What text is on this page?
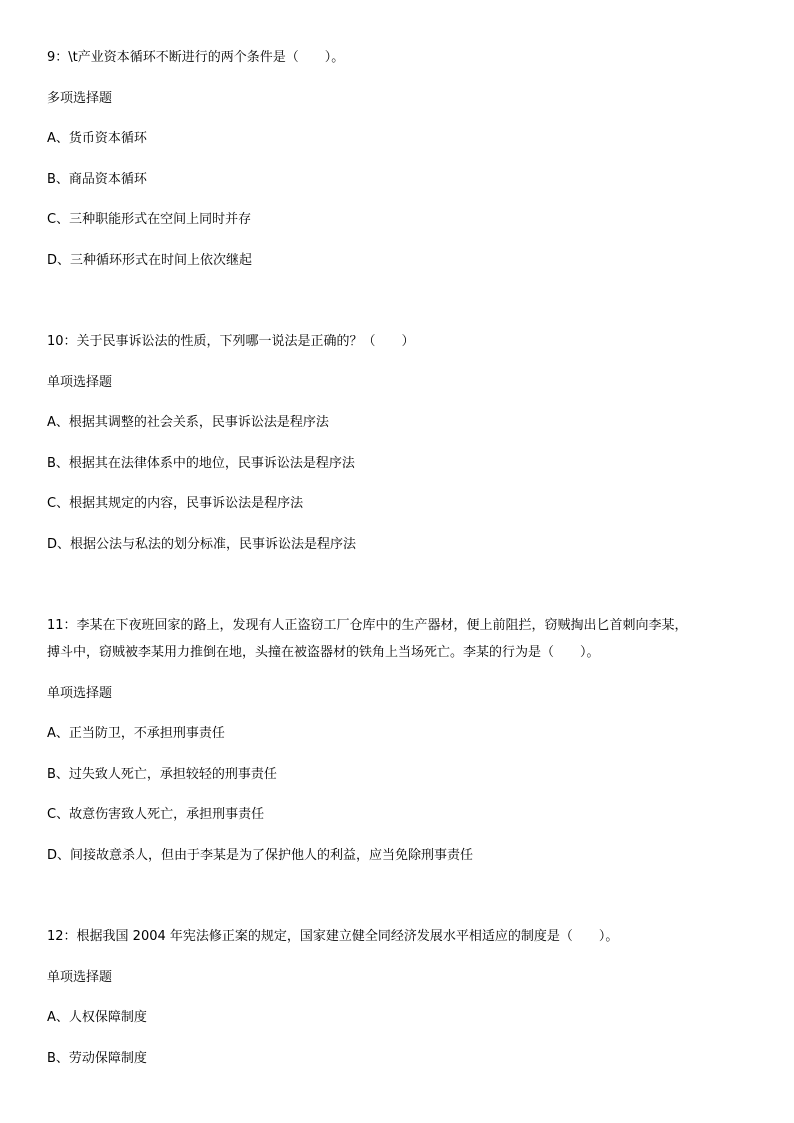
9：\t产业资本循环不断进行的两个条件是（　　）。
多项选择题
A、货币资本循环
B、商品资本循环
C、三种职能形式在空间上同时并存
D、三种循环形式在时间上依次继起
10：关于民事诉讼法的性质，下列哪一说法是正确的？（　　）
单项选择题
A、根据其调整的社会关系，民事诉讼法是程序法
B、根据其在法律体系中的地位，民事诉讼法是程序法
C、根据其规定的内容，民事诉讼法是程序法
D、根据公法与私法的划分标准，民事诉讼法是程序法
11：李某在下夜班回家的路上，发现有人正盗窃工厂仓库中的生产器材，便上前阻拦，窃贼掏出匕首刺向李某，
搏斗中，窃贼被李某用力推倒在地，头撞在被盗器材的铁角上当场死亡。李某的行为是（　　）。
单项选择题
A、正当防卫，不承担刑事责任
B、过失致人死亡，承担较轻的刑事责任
C、故意伤害致人死亡，承担刑事责任
D、间接故意杀人，但由于李某是为了保护他人的利益，应当免除刑事责任
12：根据我国 2004 年宪法修正案的规定，国家建立健全同经济发展水平相适应的制度是（　　）。
单项选择题
A、人权保障制度
B、劳动保障制度
